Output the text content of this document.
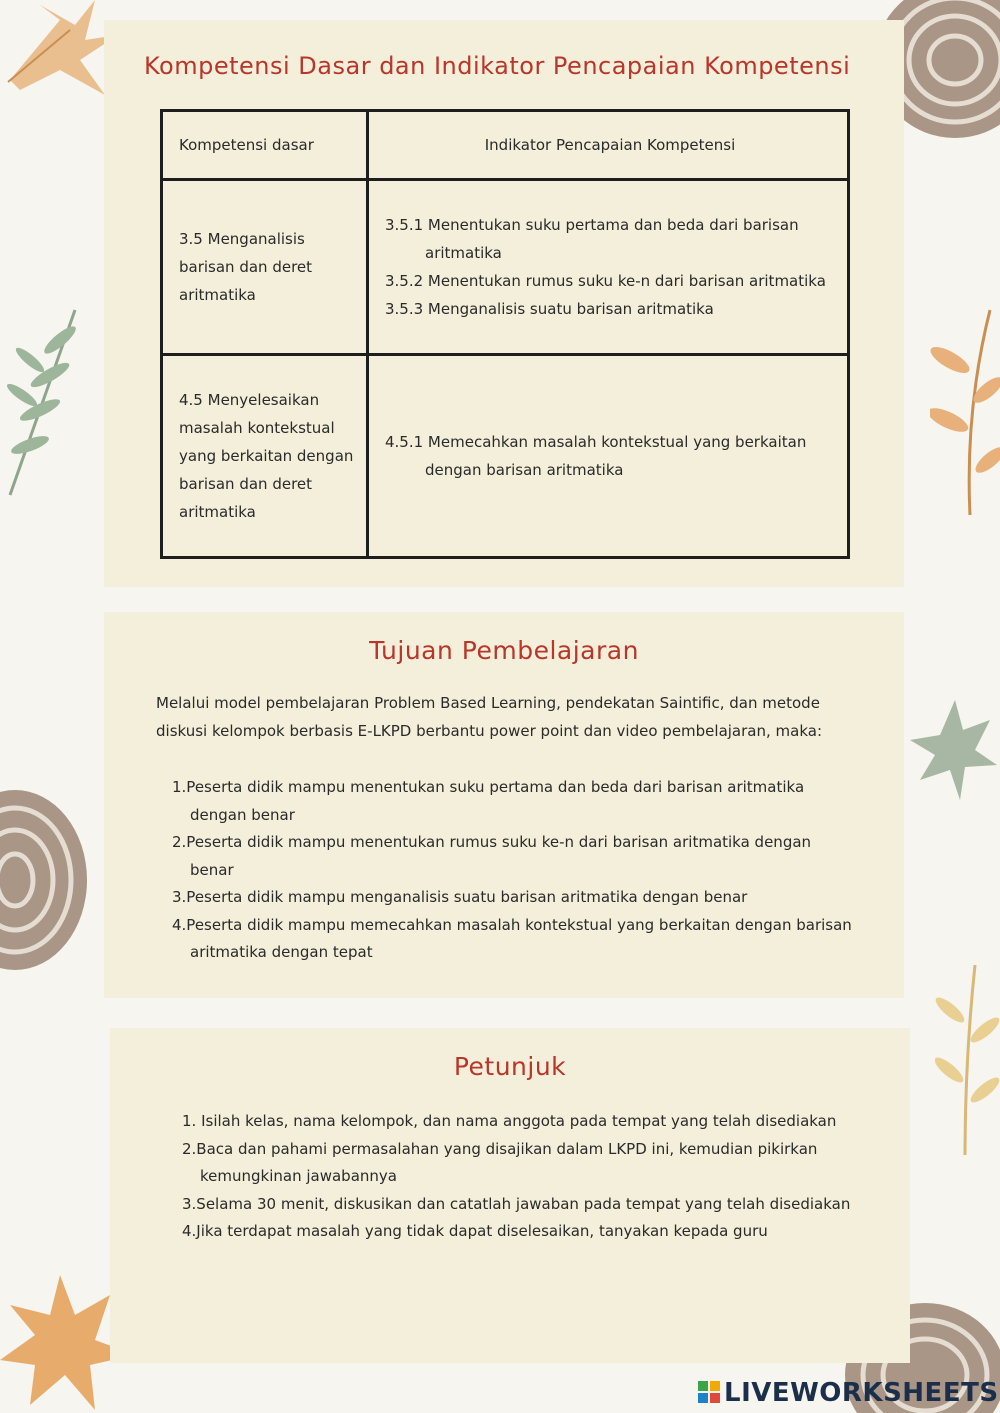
Kompetensi Dasar dan Indikator Pencapaian Kompetensi
Kompetensi dasar	Indikator Pencapaian Kompetensi
3.5 Menganalisis barisan dan deret aritmatika	3.5.1 Menentukan suku pertama dan beda dari barisan aritmatika
3.5.2 Menentukan rumus suku ke-n dari barisan aritmatika
3.5.3 Menganalisis suatu barisan aritmatika

4.5 Menyelesaikan masalah kontekstual yang berkaitan dengan barisan dan deret aritmatika	4.5.1 Memecahkan masalah kontekstual yang berkaitan dengan barisan aritmatika
Tujuan Pembelajaran
Melalui model pembelajaran Problem Based Learning, pendekatan Saintific, dan metode diskusi kelompok berbasis E-LKPD berbantu power point dan video pembelajaran, maka:
1.Peserta didik mampu menentukan suku pertama dan beda dari barisan aritmatika dengan benar
2.Peserta didik mampu menentukan rumus suku ke-n dari barisan aritmatika dengan benar
3.Peserta didik mampu menganalisis suatu barisan aritmatika dengan benar
4.Peserta didik mampu memecahkan masalah kontekstual yang berkaitan dengan barisan aritmatika dengan tepat
Petunjuk
1. Isilah kelas, nama kelompok, dan nama anggota pada tempat yang telah disediakan
2.Baca dan pahami permasalahan yang disajikan dalam LKPD ini, kemudian pikirkan kemungkinan jawabannya
3.Selama 30 menit, diskusikan dan catatlah jawaban pada tempat yang telah disediakan
4.Jika terdapat masalah yang tidak dapat diselesaikan, tanyakan kepada guru
LIVEWORKSHEETS
